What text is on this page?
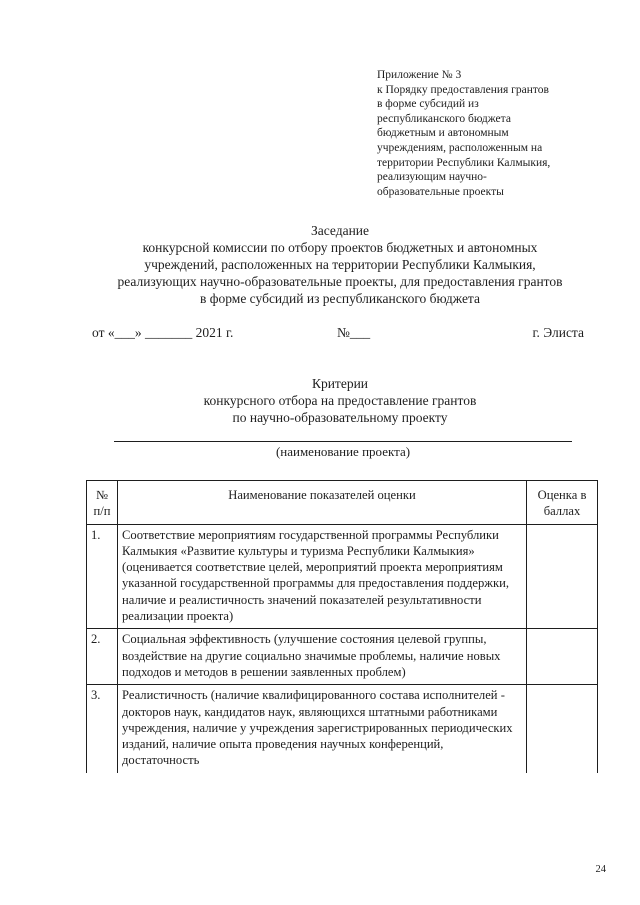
Приложение № 3
к Порядку предоставления грантов
в форме субсидий из
республиканского бюджета
бюджетным и автономным
учреждениям, расположенным на
территории Республики Калмыкия,
реализующим научно-
образовательные проекты
Заседание
конкурсной комиссии по отбору проектов бюджетных и автономных
учреждений, расположенных на территории Республики Калмыкия,
реализующих научно-образовательные проекты, для предоставления грантов
в форме субсидий из республиканского бюджета
от «___» _______ 2021 г.	№___	г. Элиста
Критерии
конкурсного отбора на предоставление грантов
по научно-образовательному проекту
(наименование проекта)
№ п/п	Наименование показателей оценки	Оценка в баллах
1.	Соответствие мероприятиям государственной программы Республики Калмыкия «Развитие культуры и туризма Республики Калмыкия» (оценивается соответствие целей, мероприятий проекта мероприятиям указанной государственной программы для предоставления поддержки, наличие и реалистичность значений показателей результативности реализации проекта)	
2.	Социальная эффективность (улучшение состояния целевой группы, воздействие на другие социально значимые проблемы, наличие новых подходов и методов в решении заявленных проблем)	
3.	Реалистичность (наличие квалифицированного состава исполнителей - докторов наук, кандидатов наук, являющихся штатными работниками учреждения, наличие у учреждения зарегистрированных периодических изданий, наличие опыта проведения научных конференций, достаточность	
24
